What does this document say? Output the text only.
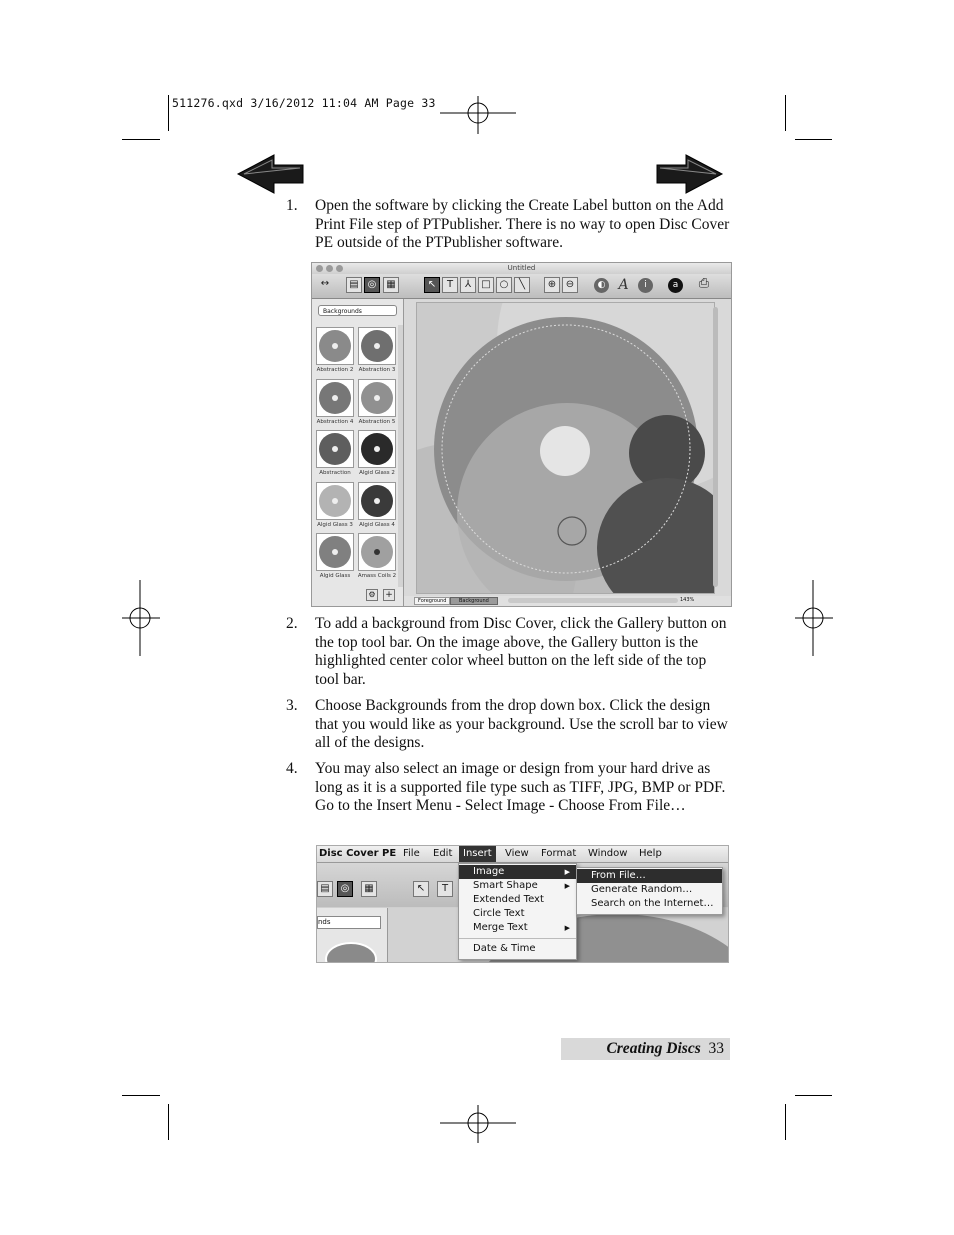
511276.qxd 3/16/2012 11:04 AM Page 33
1. Open the software by clicking the Create Label button on the Add Print File step of PTPublisher. There is no way to open Disc Cover PE outside of the PTPublisher software.
Untitled
↔	▤ ◎ ▦	↖	T	⅄	□ ○	╲	⊕ ⊖	◐ A	i	a	⎙
Backgrounds
Abstraction 2 Abstraction 3
Abstraction 4 Abstraction 5
Abstraction	Algid Glass 2
Algid Glass 3	Algid Glass 4
Algid Glass	Amass Coils 2
⚙ +
Foreground	Background	143%
2. To add a background from Disc Cover, click the Gallery button on the top tool bar. On the image above, the Gallery button is the highlighted center color wheel button on the left side of the top tool bar.
3. Choose Backgrounds from the drop down box. Click the design that you would like as your background. Use the scroll bar to view all of the designs.
4. You may also select an image or design from your hard drive as long as it is a supported file type such as TIFF, JPG, BMP or PDF. Go to the Insert Menu - Select Image - Choose From File…
Disc Cover PE File Edit	Insert	View Format Window Help
▤	◎	▦	↖	T
nds
Image	▶
Smart Shape	▶
Extended Text
Circle Text
Merge Text	▶
Date & Time
From File…
Generate Random…
Search on the Internet…
Creating Discs 33
